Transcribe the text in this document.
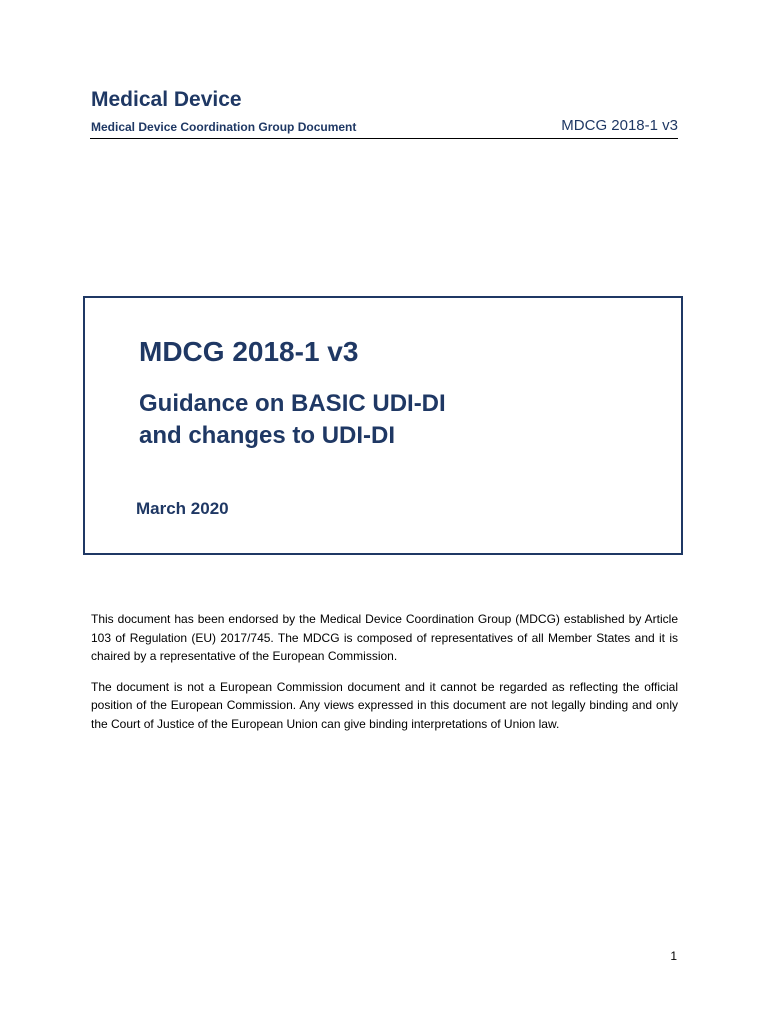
Medical Device
Medical Device Coordination Group Document	MDCG 2018-1 v3
MDCG 2018-1 v3
Guidance on BASIC UDI-DI
and changes to UDI-DI
March 2020

This document has been endorsed by the Medical Device Coordination Group (MDCG) established by Article 103 of Regulation (EU) 2017/745. The MDCG is composed of representatives of all Member States and it is chaired by a representative of the European Commission.

The document is not a European Commission document and it cannot be regarded as reflecting the official position of the European Commission. Any views expressed in this document are not legally binding and only the Court of Justice of the European Union can give binding interpretations of Union law.

1
